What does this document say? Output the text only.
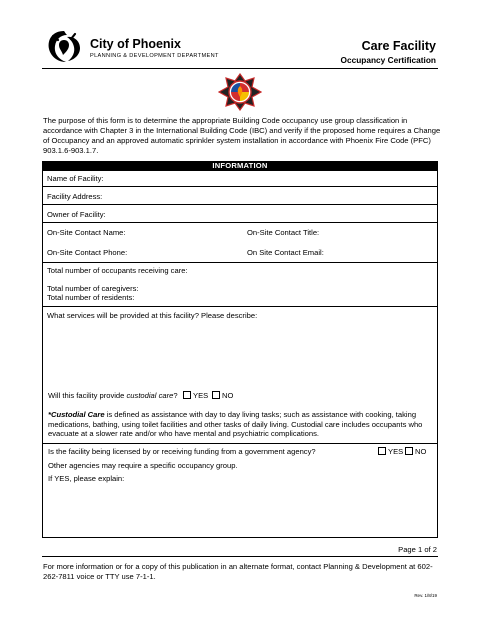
City of Phoenix
PLANNING & DEVELOPMENT DEPARTMENT
Care Facility
Occupancy Certification
The purpose of this form is to determine the appropriate Building Code occupancy use group classification in accordance with Chapter 3 in the International Building Code (IBC) and verify if the proposed home requires a Change of Occupancy and an approved automatic sprinkler system installation in accordance with Phoenix Fire Code (PFC) 903.1.6-903.1.7.
INFORMATION
Name of Facility:
Facility Address:
Owner of Facility:
On-Site Contact Name:	On-Site Contact Title:
On-Site Contact Phone:	On Site Contact Email:
Total number of occupants receiving care:
Total number of caregivers:
Total number of residents:
What services will be provided at this facility? Please describe:
Will this facility provide custodial care? YES NO
*Custodial Care is defined as assistance with day to day living tasks; such as assistance with cooking, taking medications, bathing, using toilet facilities and other tasks of daily living. Custodial care includes occupants who evacuate at a slower rate and/or who have mental and psychiatric complications.
Is the facility being licensed by or receiving funding from a government agency?	YES NO
Other agencies may require a specific occupancy group.
If YES, please explain:
Page 1 of 2
For more information or for a copy of this publication in an alternate format, contact Planning & Development at 602-262-7811 voice or TTY use 7-1-1.
Rev. 1/8/19
